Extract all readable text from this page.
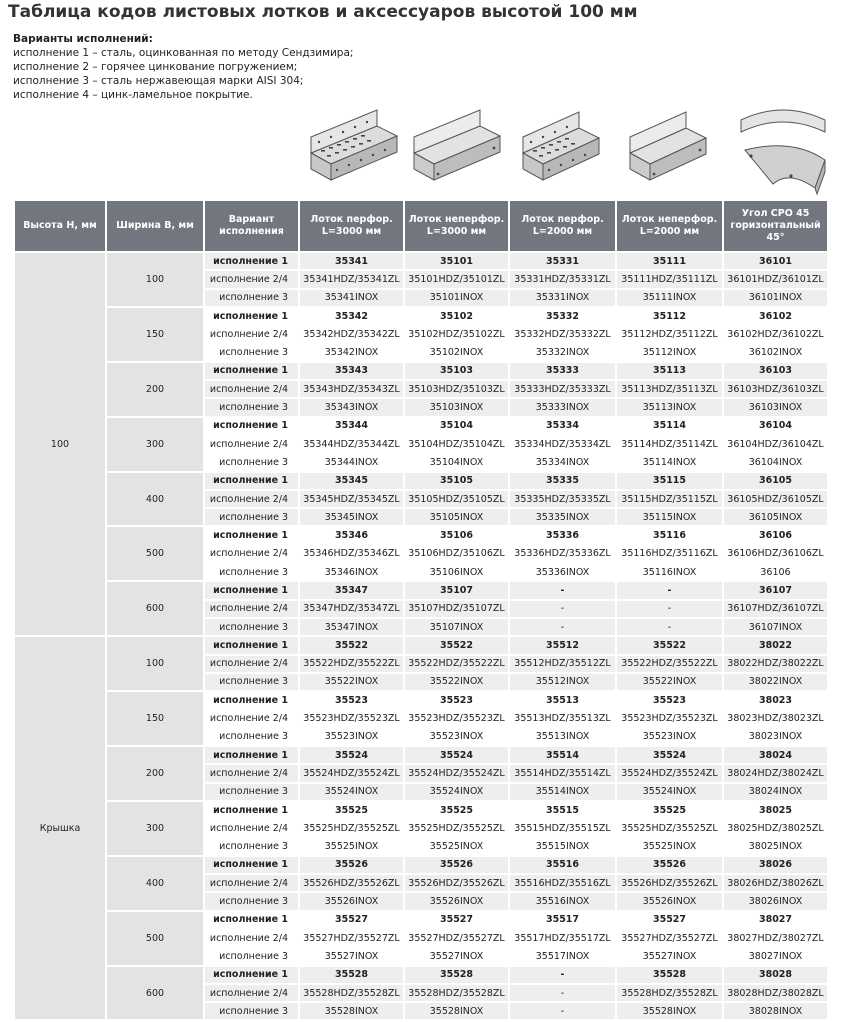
Таблица кодов листовых лотков и аксессуаров высотой 100 мм
Варианты исполнений:
исполнение 1 – сталь, оцинкованная по методу Сендзимира;
исполнение 2 – горячее цинкование погружением;
исполнение 3 – сталь нержавеющая марки AISI 304;
исполнение 4 – цинк-ламельное покрытие.
Высота Н, мм	Ширина В, мм	Вариант исполнения	Лоток перфор. L=3000 мм	Лоток неперфор. L=3000 мм	Лоток перфор. L=2000 мм	Лоток неперфор. L=2000 мм	Угол СРО 45 горизонтальный 45°
100	100	исполнение 1	35341	35101	35331	35111	36101
		исполнение 2/4	35341HDZ/35341ZL	35101HDZ/35101ZL	35331HDZ/35331ZL	35111HDZ/35111ZL	36101HDZ/36101ZL
		исполнение 3	35341INOX	35101INOX	35331INOX	35111INOX	36101INOX
	150	исполнение 1	35342	35102	35332	35112	36102
		исполнение 2/4	35342HDZ/35342ZL	35102HDZ/35102ZL	35332HDZ/35332ZL	35112HDZ/35112ZL	36102HDZ/36102ZL
		исполнение 3	35342INOX	35102INOX	35332INOX	35112INOX	36102INOX
	200	исполнение 1	35343	35103	35333	35113	36103
		исполнение 2/4	35343HDZ/35343ZL	35103HDZ/35103ZL	35333HDZ/35333ZL	35113HDZ/35113ZL	36103HDZ/36103ZL
		исполнение 3	35343INOX	35103INOX	35333INOX	35113INOX	36103INOX
	300	исполнение 1	35344	35104	35334	35114	36104
		исполнение 2/4	35344HDZ/35344ZL	35104HDZ/35104ZL	35334HDZ/35334ZL	35114HDZ/35114ZL	36104HDZ/36104ZL
		исполнение 3	35344INOX	35104INOX	35334INOX	35114INOX	36104INOX
	400	исполнение 1	35345	35105	35335	35115	36105
		исполнение 2/4	35345HDZ/35345ZL	35105HDZ/35105ZL	35335HDZ/35335ZL	35115HDZ/35115ZL	36105HDZ/36105ZL
		исполнение 3	35345INOX	35105INOX	35335INOX	35115INOX	36105INOX
	500	исполнение 1	35346	35106	35336	35116	36106
		исполнение 2/4	35346HDZ/35346ZL	35106HDZ/35106ZL	35336HDZ/35336ZL	35116HDZ/35116ZL	36106HDZ/36106ZL
		исполнение 3	35346INOX	35106INOX	35336INOX	35116INOX	36106
	600	исполнение 1	35347	35107	-	-	36107
		исполнение 2/4	35347HDZ/35347ZL	35107HDZ/35107ZL	-	-	36107HDZ/36107ZL
		исполнение 3	35347INOX	35107INOX	-	-	36107INOX
Крышка	100	исполнение 1	35522	35522	35512	35522	38022
		исполнение 2/4	35522HDZ/35522ZL	35522HDZ/35522ZL	35512HDZ/35512ZL	35522HDZ/35522ZL	38022HDZ/38022ZL
		исполнение 3	35522INOX	35522INOX	35512INOX	35522INOX	38022INOX
	150	исполнение 1	35523	35523	35513	35523	38023
		исполнение 2/4	35523HDZ/35523ZL	35523HDZ/35523ZL	35513HDZ/35513ZL	35523HDZ/35523ZL	38023HDZ/38023ZL
		исполнение 3	35523INOX	35523INOX	35513INOX	35523INOX	38023INOX
	200	исполнение 1	35524	35524	35514	35524	38024
		исполнение 2/4	35524HDZ/35524ZL	35524HDZ/35524ZL	35514HDZ/35514ZL	35524HDZ/35524ZL	38024HDZ/38024ZL
		исполнение 3	35524INOX	35524INOX	35514INOX	35524INOX	38024INOX
	300	исполнение 1	35525	35525	35515	35525	38025
		исполнение 2/4	35525HDZ/35525ZL	35525HDZ/35525ZL	35515HDZ/35515ZL	35525HDZ/35525ZL	38025HDZ/38025ZL
		исполнение 3	35525INOX	35525INOX	35515INOX	35525INOX	38025INOX
	400	исполнение 1	35526	35526	35516	35526	38026
		исполнение 2/4	35526HDZ/35526ZL	35526HDZ/35526ZL	35516HDZ/35516ZL	35526HDZ/35526ZL	38026HDZ/38026ZL
		исполнение 3	35526INOX	35526INOX	35516INOX	35526INOX	38026INOX
	500	исполнение 1	35527	35527	35517	35527	38027
		исполнение 2/4	35527HDZ/35527ZL	35527HDZ/35527ZL	35517HDZ/35517ZL	35527HDZ/35527ZL	38027HDZ/38027ZL
		исполнение 3	35527INOX	35527INOX	35517INOX	35527INOX	38027INOX
	600	исполнение 1	35528	35528	-	35528	38028
		исполнение 2/4	35528HDZ/35528ZL	35528HDZ/35528ZL	-	35528HDZ/35528ZL	38028HDZ/38028ZL
		исполнение 3	35528INOX	35528INOX	-	35528INOX	38028INOX
